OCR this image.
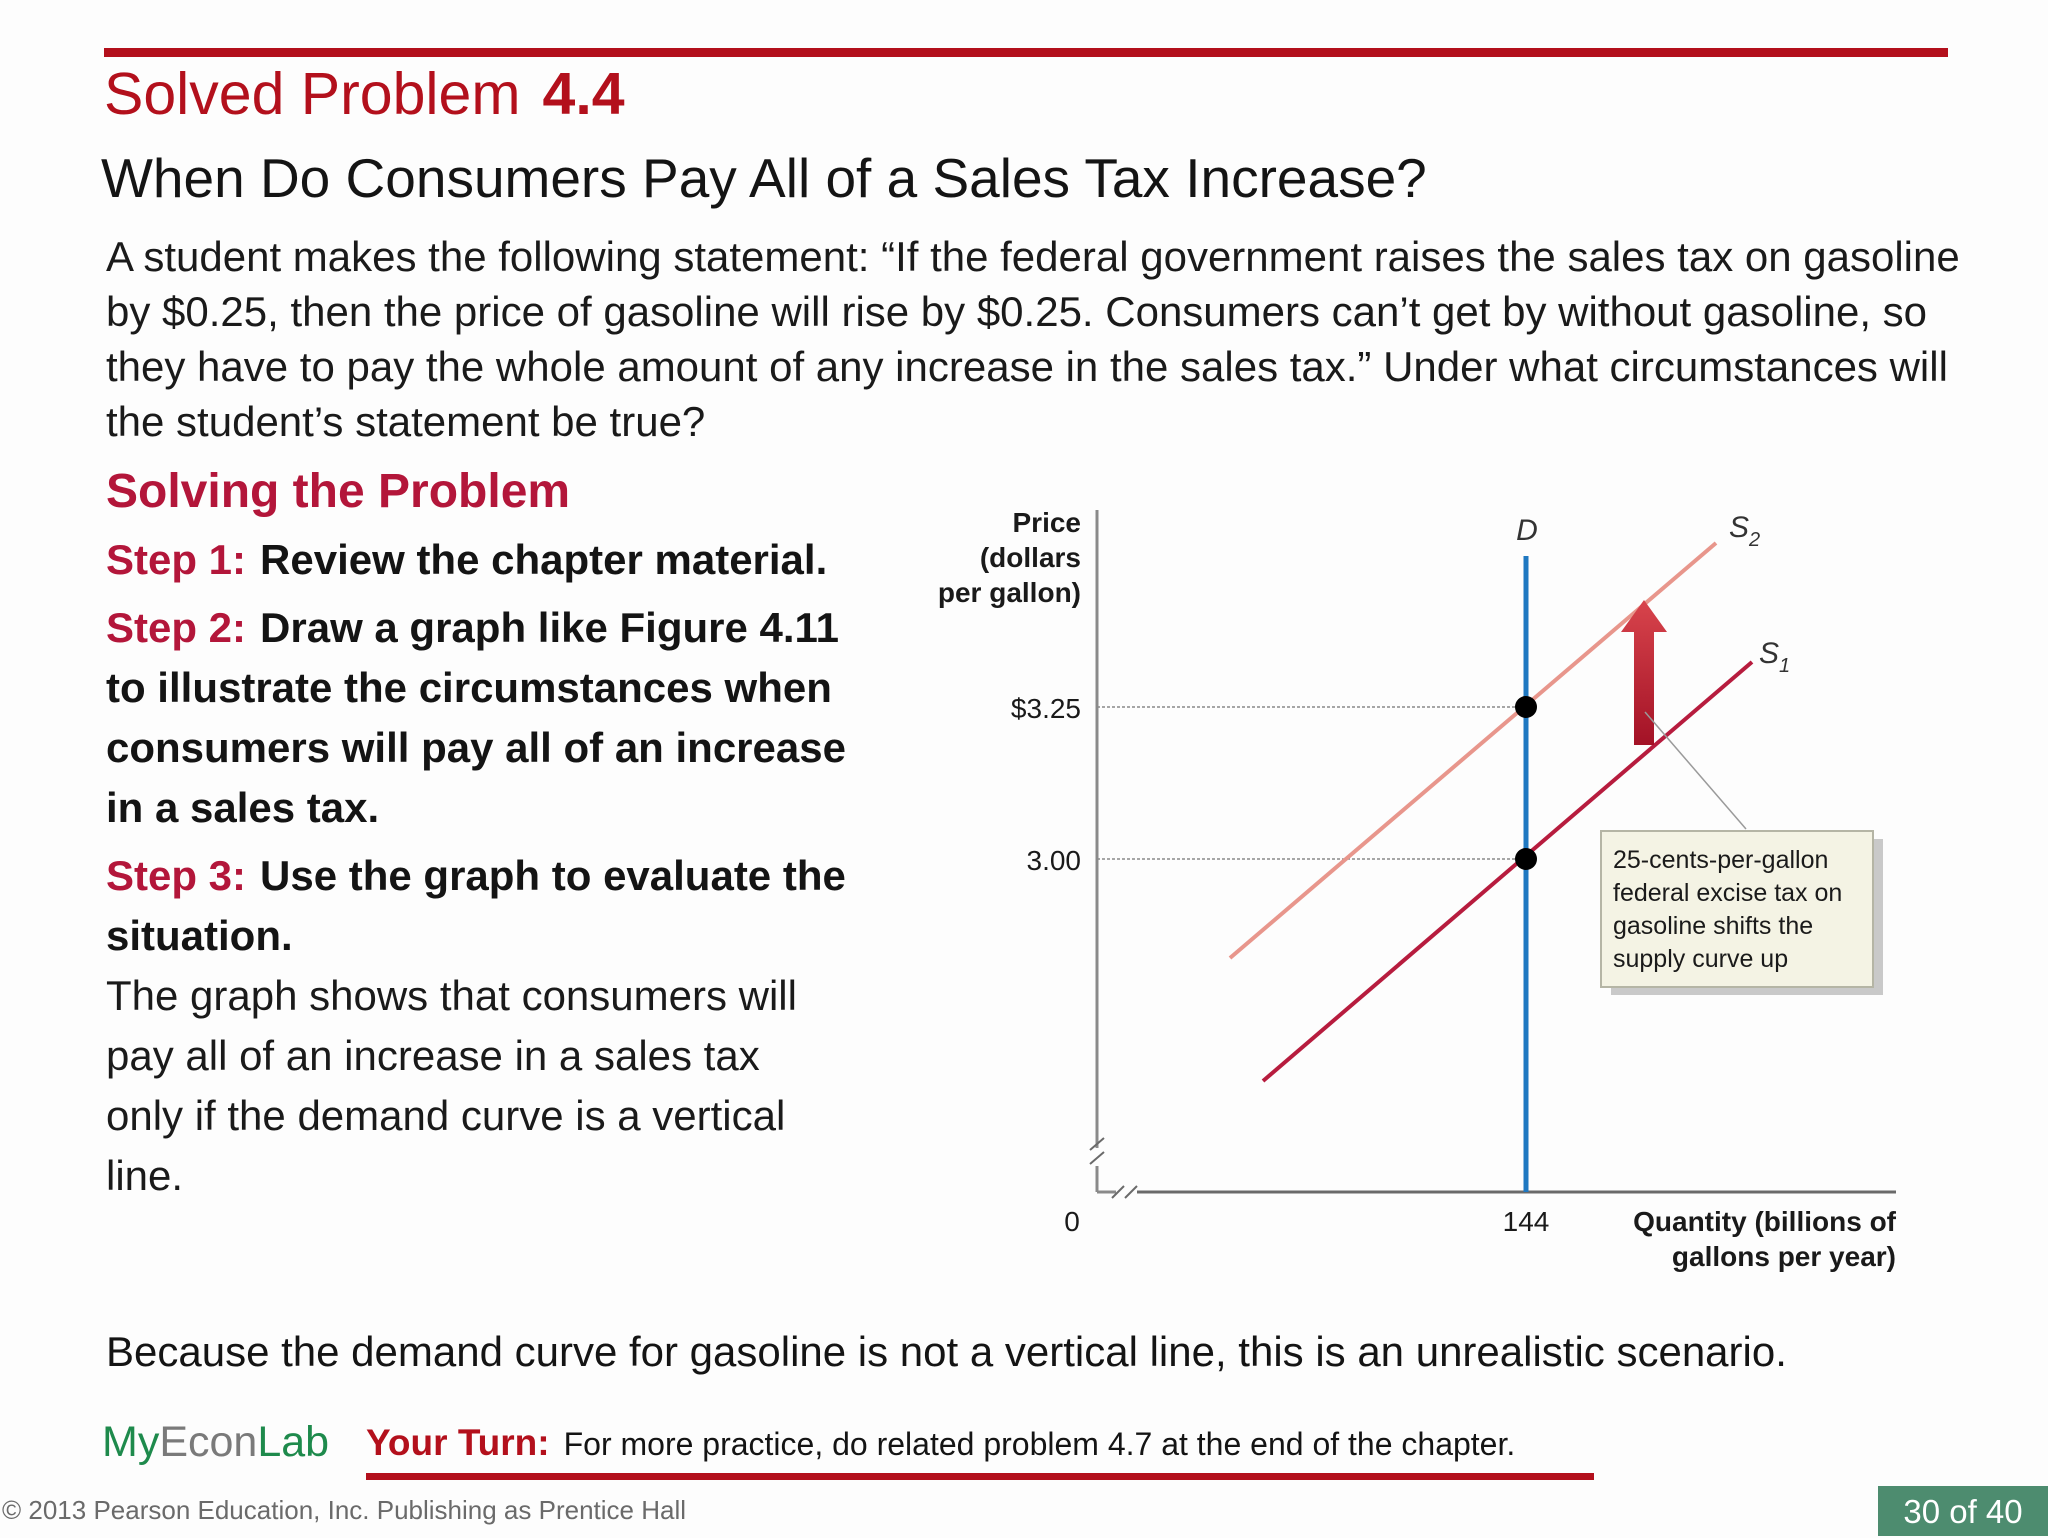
Solved Problem 4.4
When Do Consumers Pay All of a Sales Tax Increase?
A student makes the following statement: “If the federal government raises the sales tax on gasoline by $0.25, then the price of gasoline will rise by $0.25. Consumers can’t get by without gasoline, so they have to pay the whole amount of any increase in the sales tax.” Under what circumstances will the student’s statement be true?
Solving the Problem
Step 1: Review the chapter material.
Step 2: Draw a graph like Figure 4.11 to illustrate the circumstances when consumers will pay all of an increase in a sales tax.
Step 3: Use the graph to evaluate the situation.
The graph shows that consumers will pay all of an increase in a sales tax only if the demand curve is a vertical line.
Because the demand curve for gasoline is not a vertical line, this is an unrealistic scenario.
Price
(dollars
per gallon)
$3.25
3.00
0	144	Quantity (billions of
gallons per year)
D	$S_2$
$S_1$
25-cents-per-gallon
federal excise tax on
gasoline shifts the
supply curve up
MyEconLab Your Turn: For more practice, do related problem 4.7 at the end of the chapter.
© 2013 Pearson Education, Inc. Publishing as Prentice Hall	30 of 40
